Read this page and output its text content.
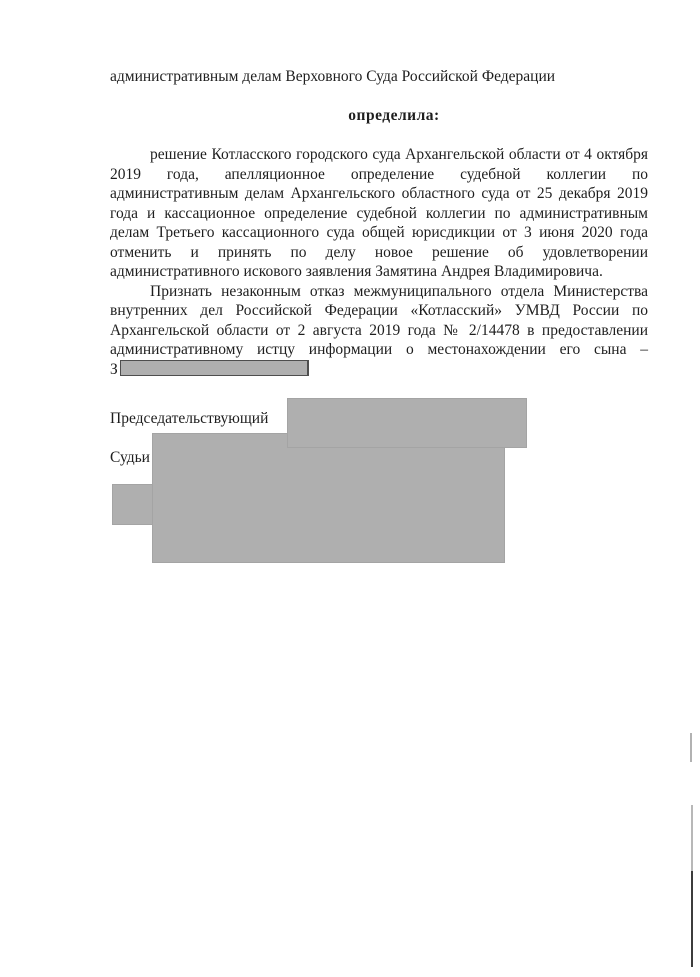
административным делам Верховного Суда Российской Федерации

определила:

решение Котласского городского суда Архангельской области от 4 октября 2019 года, апелляционное определение судебной коллегии по административным делам Архангельского областного суда от 25 декабря 2019 года и кассационное определение судебной коллегии по административным делам Третьего кассационного суда общей юрисдикции от 3 июня 2020 года отменить и принять по делу новое решение об удовлетворении административного искового заявления Замятина Андрея Владимировича.

Признать незаконным отказ межмуниципального отдела Министерства внутренних дел Российской Федерации «Котласский» УМВД России по Архангельской области от 2 августа 2019 года № 2/14478 в предоставлении административному истцу информации о местонахождении его сына –

З
Председательствующий
Судьи
